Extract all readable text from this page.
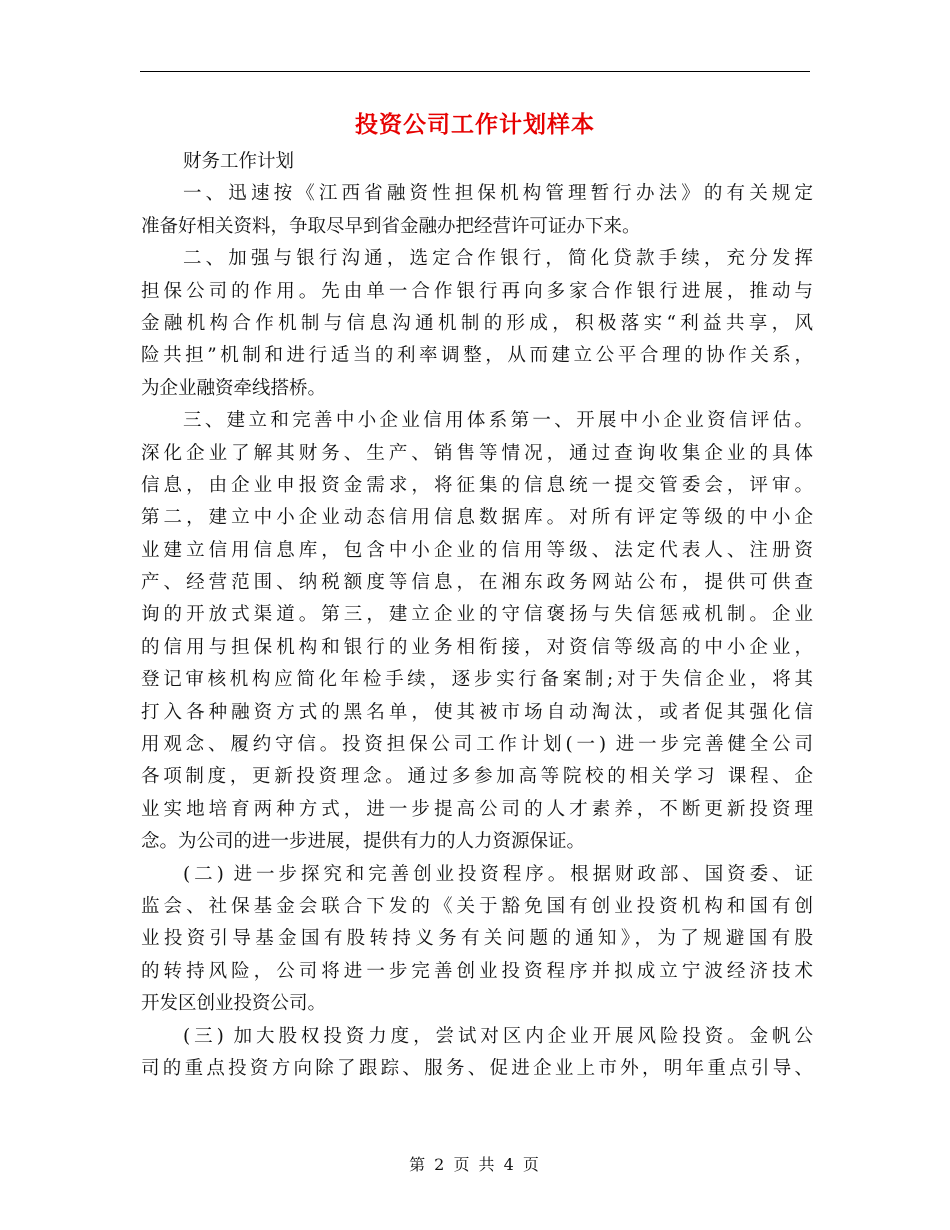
投资公司工作计划样本
财务工作计划
一、迅速按《江西省融资性担保机构管理暂行办法》的有关规定
准备好相关资料，争取尽早到省金融办把经营许可证办下来。
二、加强与银行沟通，选定合作银行，简化贷款手续，充分发挥
担保公司的作用。先由单一合作银行再向多家合作银行进展，推动与
金融机构合作机制与信息沟通机制的形成，积极落实“利益共享，风
险共担”机制和进行适当的利率调整，从而建立公平合理的协作关系，
为企业融资牵线搭桥。
三、建立和完善中小企业信用体系第一、开展中小企业资信评估。
深化企业了解其财务、生产、销售等情况，通过查询收集企业的具体
信息，由企业申报资金需求，将征集的信息统一提交管委会，评审。
第二，建立中小企业动态信用信息数据库。对所有评定等级的中小企
业建立信用信息库，包含中小企业的信用等级、法定代表人、注册资
产、经营范围、纳税额度等信息，在湘东政务网站公布，提供可供查
询的开放式渠道。第三，建立企业的守信褒扬与失信惩戒机制。企业
的信用与担保机构和银行的业务相衔接，对资信等级高的中小企业，
登记审核机构应简化年检手续，逐步实行备案制;对于失信企业，将其
打入各种融资方式的黑名单，使其被市场自动淘汰，或者促其强化信
用观念、履约守信。投资担保公司工作计划(一) 进一步完善健全公司
各项制度，更新投资理念。通过多参加高等院校的相关学习 课程、企
业实地培育两种方式，进一步提高公司的人才素养，不断更新投资理
念。为公司的进一步进展，提供有力的人力资源保证。
(二) 进一步探究和完善创业投资程序。根据财政部、国资委、证
监会、社保基金会联合下发的《关于豁免国有创业投资机构和国有创
业投资引导基金国有股转持义务有关问题的通知》，为了规避国有股
的转持风险，公司将进一步完善创业投资程序并拟成立宁波经济技术
开发区创业投资公司。
(三) 加大股权投资力度，尝试对区内企业开展风险投资。金帆公
司的重点投资方向除了跟踪、服务、促进企业上市外，明年重点引导、
第 2 页 共 4 页
